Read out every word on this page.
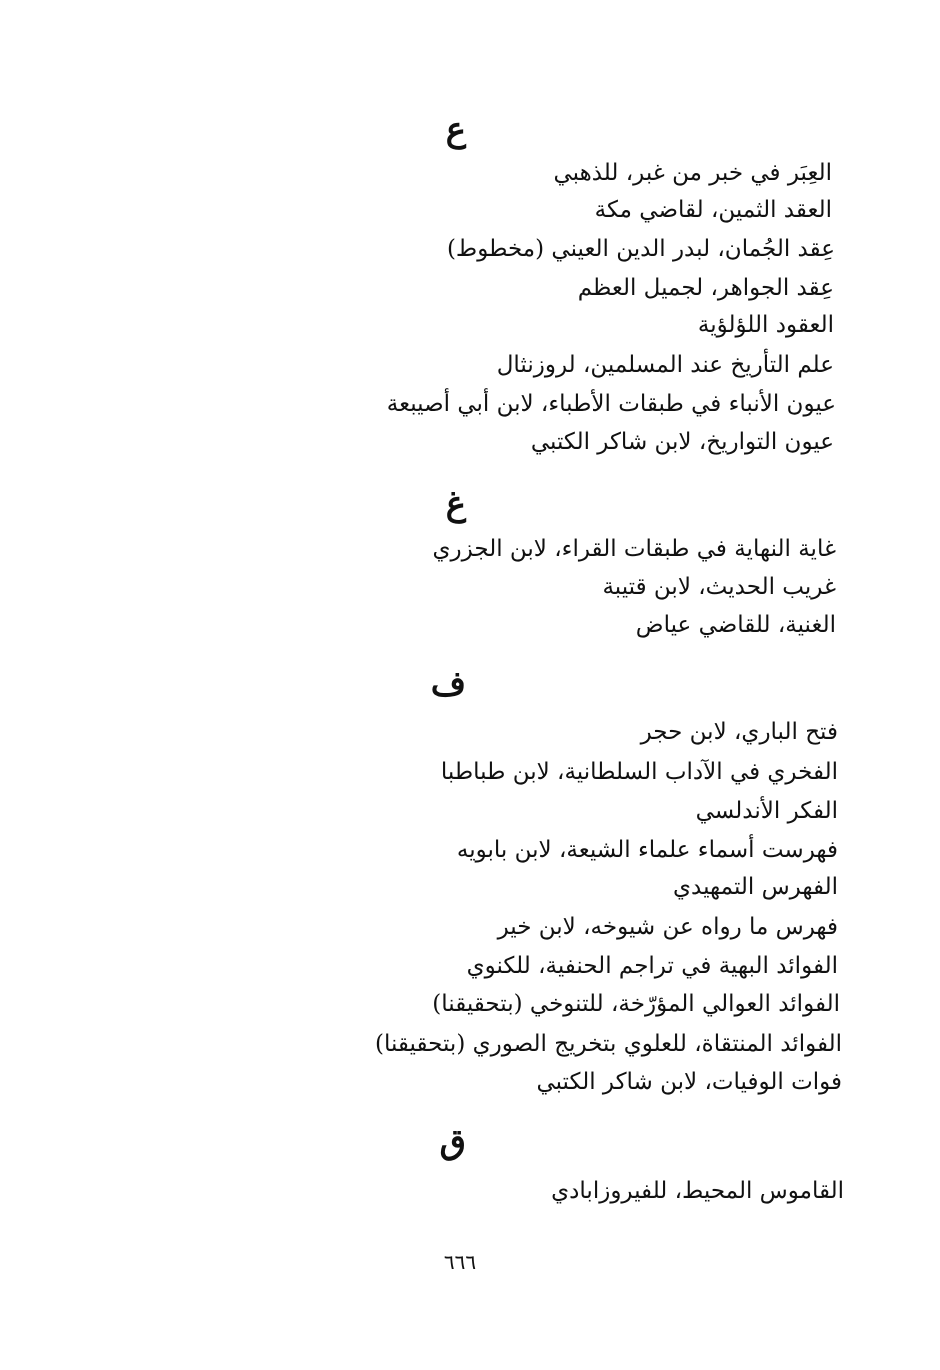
ع
العِبَر في خبر من غبر، للذهبي
العقد الثمين، لقاضي مكة
عِقد الجُمان، لبدر الدين العيني (مخطوط)
عِقد الجواهر، لجميل العظم
العقود اللؤلؤية
علم التأريخ عند المسلمين، لروزنثال
عيون الأنباء في طبقات الأطباء، لابن أبي أصيبعة
عيون التواريخ، لابن شاكر الكتبي
غ
غاية النهاية في طبقات القراء، لابن الجزري
غريب الحديث، لابن قتيبة
الغنية، للقاضي عياض
ف
فتح الباري، لابن حجر
الفخري في الآداب السلطانية، لابن طباطبا
الفكر الأندلسي
فهرست أسماء علماء الشيعة، لابن بابويه
الفهرس التمهيدي
فهرس ما رواه عن شيوخه، لابن خير
الفوائد البهية في تراجم الحنفية، للكنوي
الفوائد العوالي المؤرّخة، للتنوخي (بتحقيقنا)
الفوائد المنتقاة، للعلوي بتخريج الصوري (بتحقيقنا)
فوات الوفيات، لابن شاكر الكتبي
ق
القاموس المحيط، للفيروزابادي
٦٦٦
